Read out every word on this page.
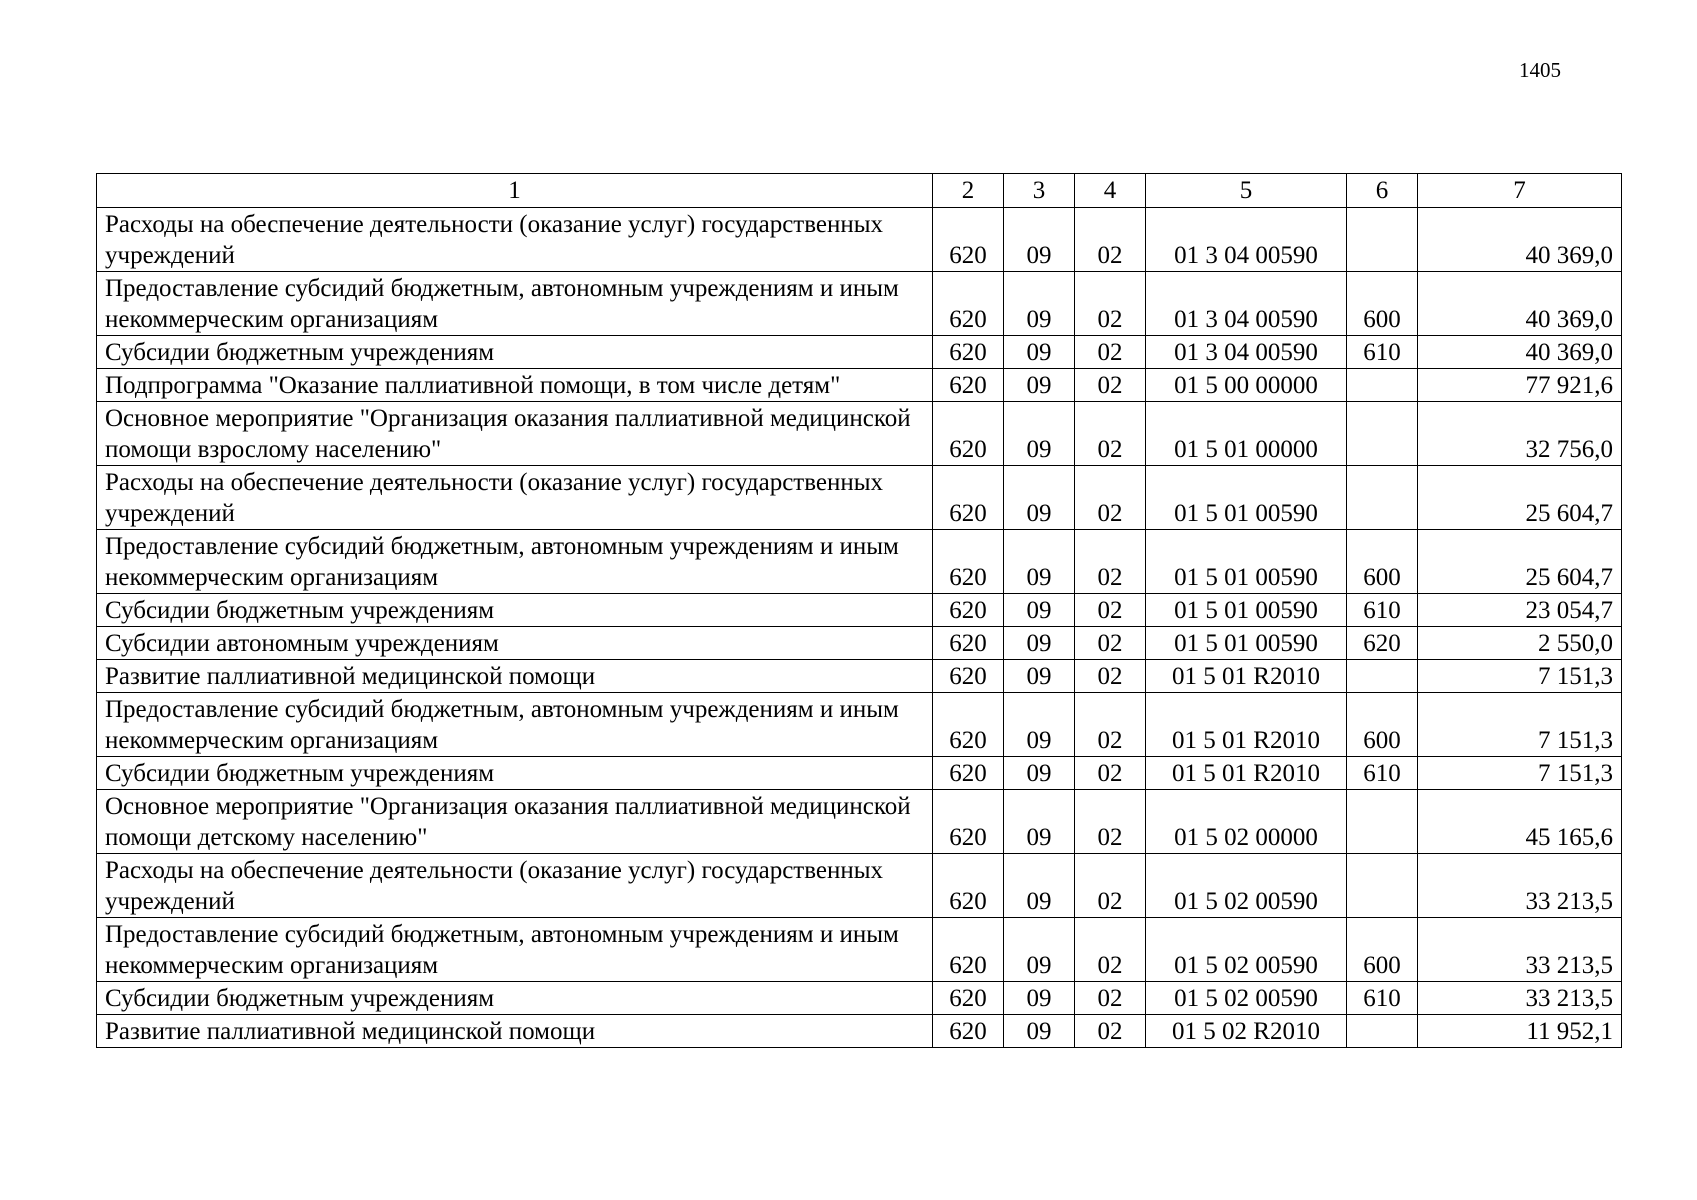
1405
1	2	3	4	5	6	7

Расходы на обеспечение деятельности (оказание услуг) государственных учреждений	620	09	02	01 3 04 00590		40 369,0

Предоставление субсидий бюджетным, автономным учреждениям и иным некоммерческим организациям	620	09	02	01 3 04 00590	600	40 369,0

Субсидии бюджетным учреждениям	620	09	02	01 3 04 00590	610	40 369,0

Подпрограмма "Оказание паллиативной помощи, в том числе детям"	620	09	02	01 5 00 00000		77 921,6

Основное мероприятие "Организация оказания паллиативной медицинской помощи взрослому населению"	620	09	02	01 5 01 00000		32 756,0

Расходы на обеспечение деятельности (оказание услуг) государственных учреждений	620	09	02	01 5 01 00590		25 604,7

Предоставление субсидий бюджетным, автономным учреждениям и иным некоммерческим организациям	620	09	02	01 5 01 00590	600	25 604,7

Субсидии бюджетным учреждениям	620	09	02	01 5 01 00590	610	23 054,7

Субсидии автономным учреждениям	620	09	02	01 5 01 00590	620	2 550,0

Развитие паллиативной медицинской помощи	620	09	02	01 5 01 R2010		7 151,3

Предоставление субсидий бюджетным, автономным учреждениям и иным некоммерческим организациям	620	09	02	01 5 01 R2010	600	7 151,3

Субсидии бюджетным учреждениям	620	09	02	01 5 01 R2010	610	7 151,3

Основное мероприятие "Организация оказания паллиативной медицинской помощи детскому населению"	620	09	02	01 5 02 00000		45 165,6

Расходы на обеспечение деятельности (оказание услуг) государственных учреждений	620	09	02	01 5 02 00590		33 213,5

Предоставление субсидий бюджетным, автономным учреждениям и иным некоммерческим организациям	620	09	02	01 5 02 00590	600	33 213,5

Субсидии бюджетным учреждениям	620	09	02	01 5 02 00590	610	33 213,5

Развитие паллиативной медицинской помощи	620	09	02	01 5 02 R2010		11 952,1
